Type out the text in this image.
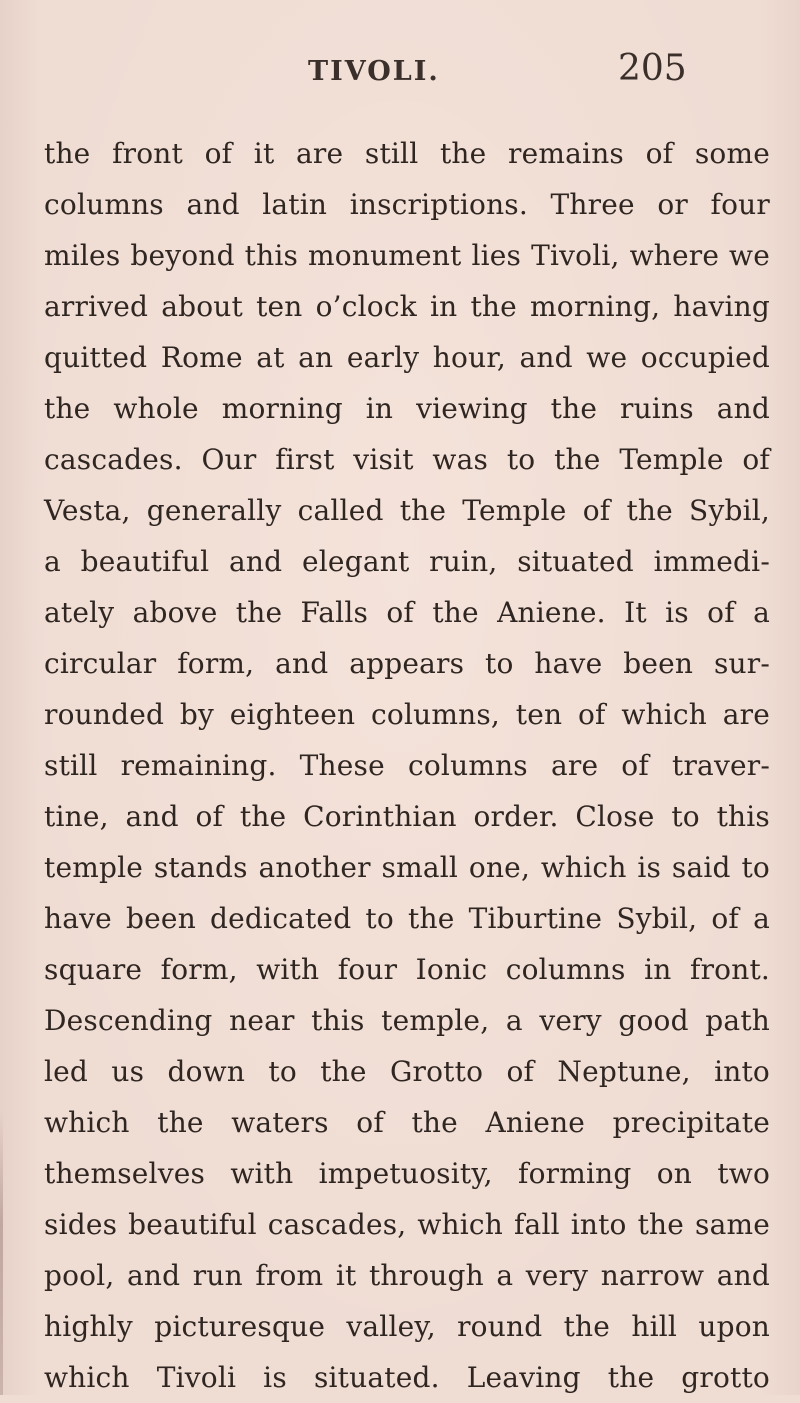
TIVOLI.	205
the front of it are still the remains of some
columns and latin inscriptions. Three or four
miles beyond this monument lies Tivoli, where we
arrived about ten o’clock in the morning, having
quitted Rome at an early hour, and we occupied
the whole morning in viewing the ruins and
cascades. Our first visit was to the Temple of
Vesta, generally called the Temple of the Sybil,
a beautiful and elegant ruin, situated immedi-
ately above the Falls of the Aniene. It is of a
circular form, and appears to have been sur-
rounded by eighteen columns, ten of which are
still remaining. These columns are of traver-
tine, and of the Corinthian order. Close to this
temple stands another small one, which is said to
have been dedicated to the Tiburtine Sybil, of a
square form, with four Ionic columns in front.
Descending near this temple, a very good path
led us down to the Grotto of Neptune, into
which the waters of the Aniene precipitate
themselves with impetuosity, forming on two
sides beautiful cascades, which fall into the same
pool, and run from it through a very narrow and
highly picturesque valley, round the hill upon
which Tivoli is situated. Leaving the grotto
